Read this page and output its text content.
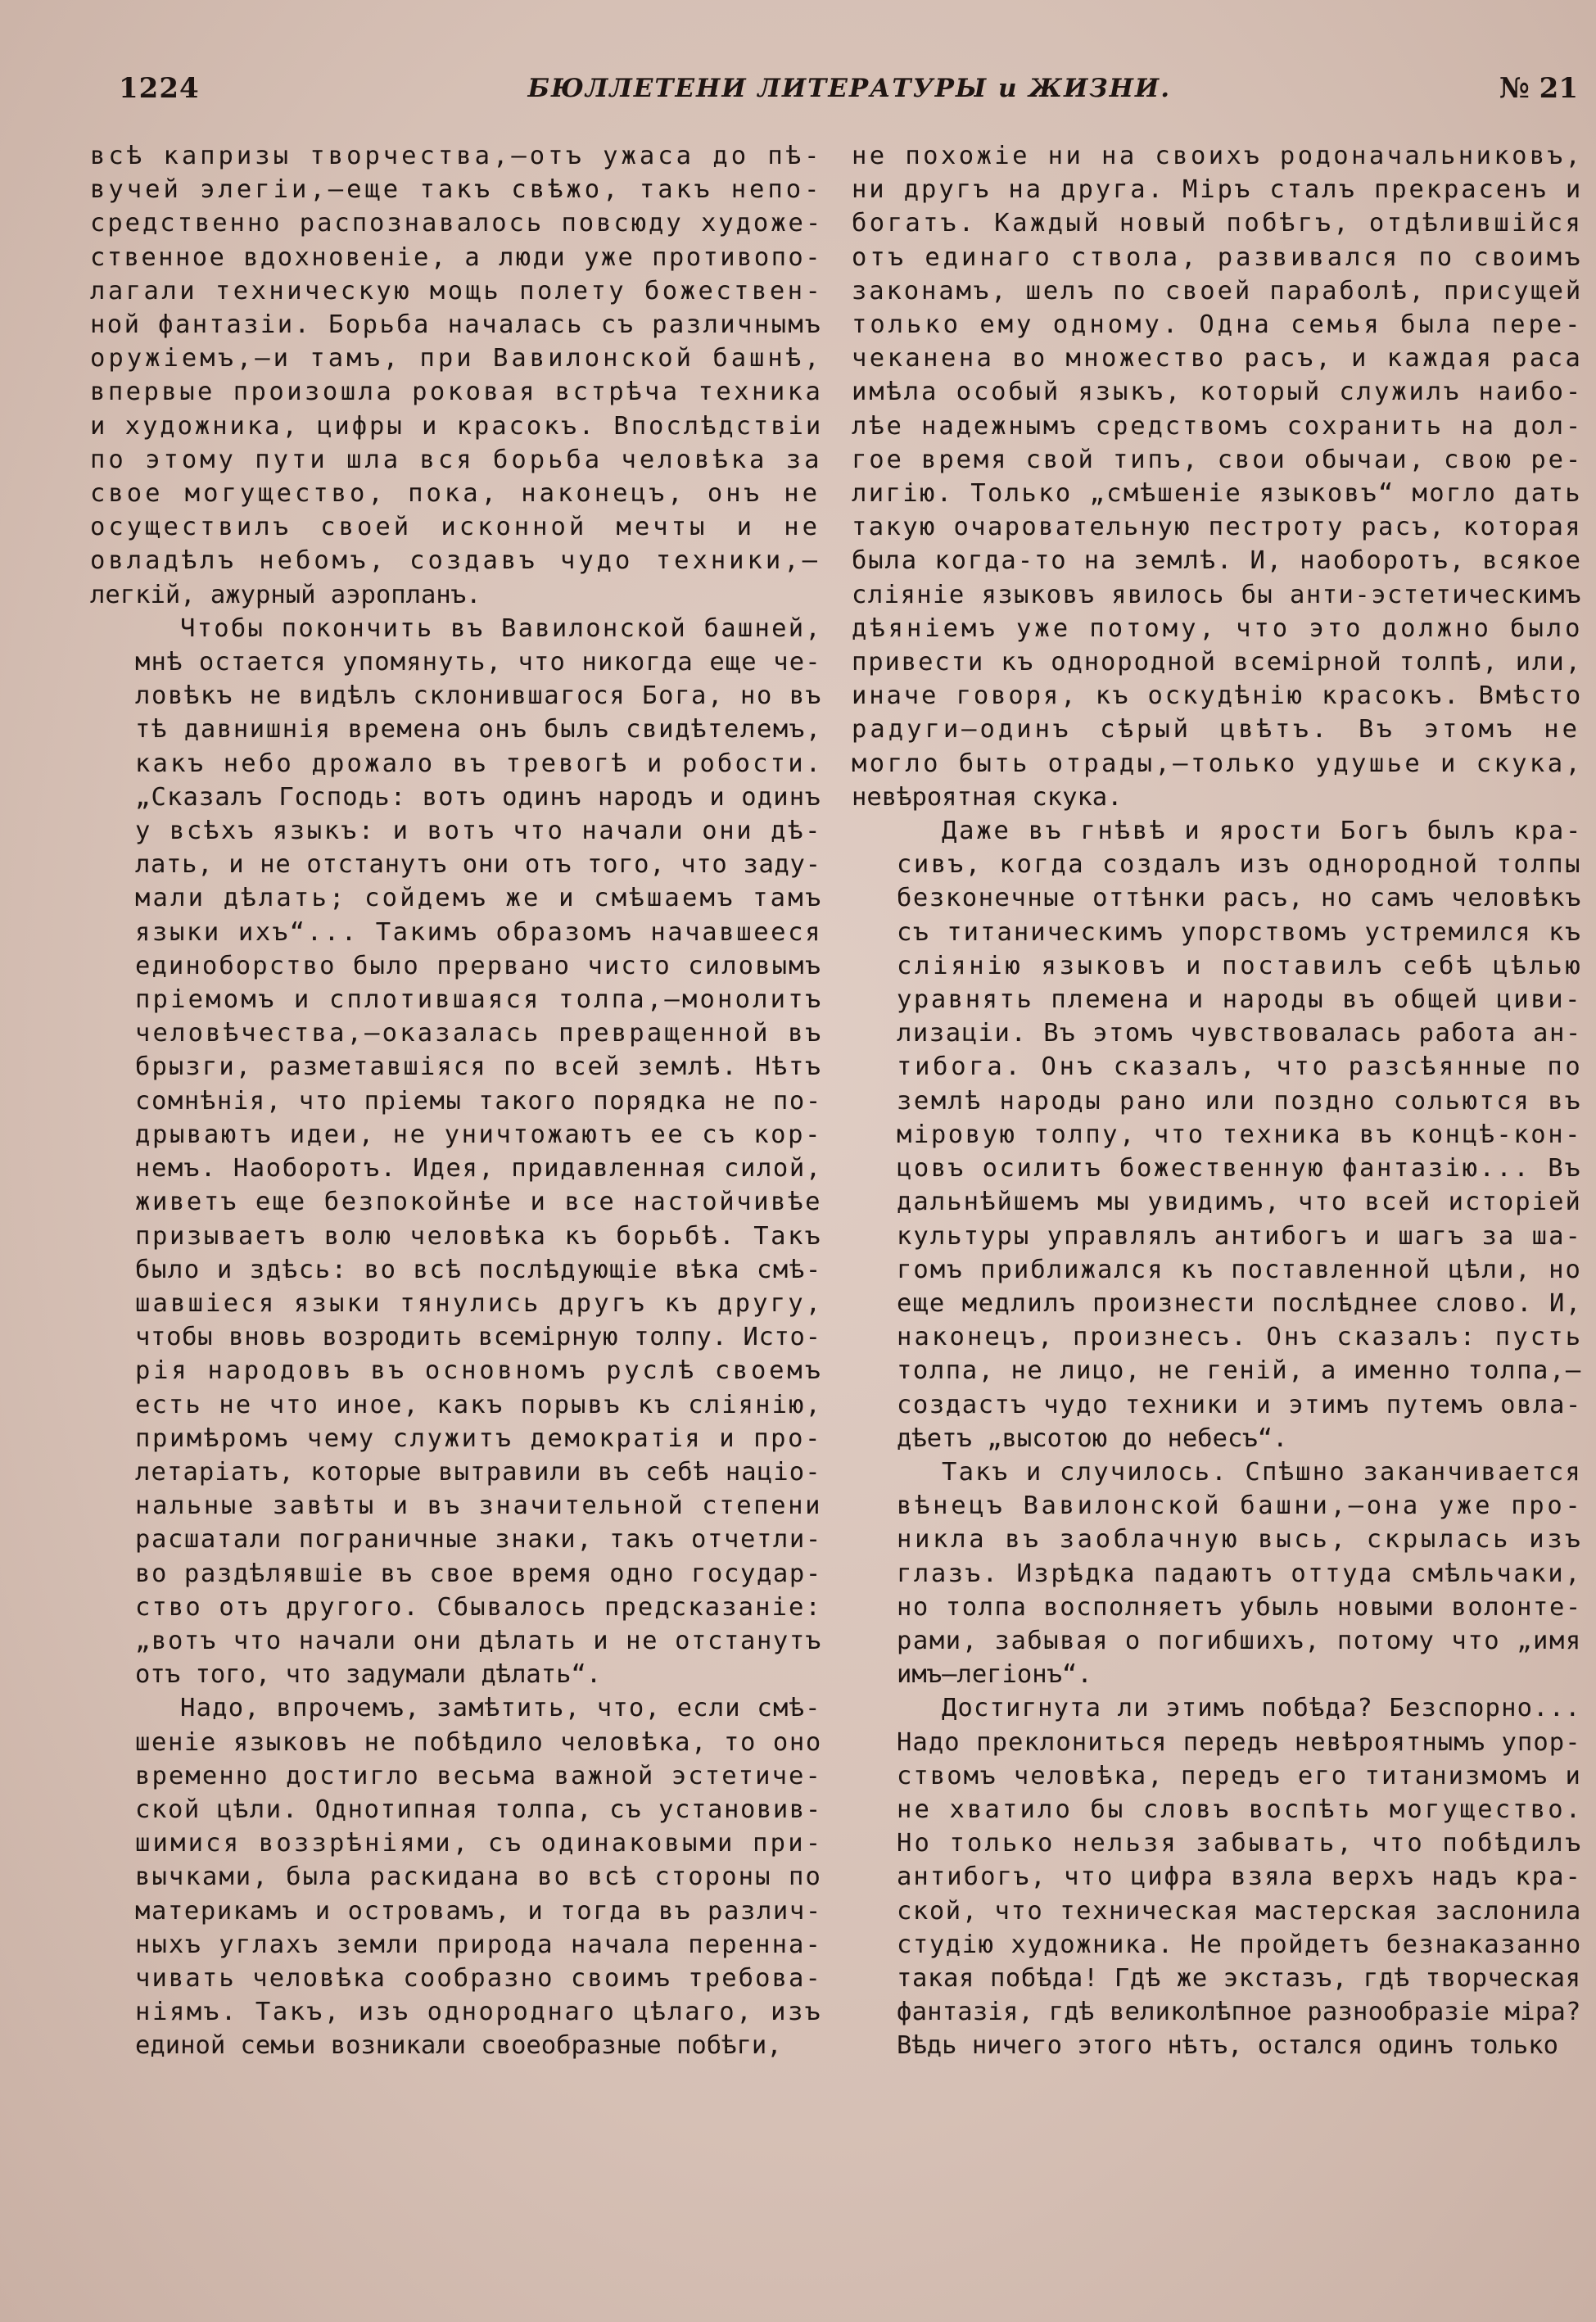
1224	БЮЛЛЕТЕНИ ЛИТЕРАТУРЫ и ЖИЗНИ.	№ 21

всѣ капризы творчества,—отъ ужаса до пѣ-
вучей элегіи,—еще такъ свѣжо, такъ непо-
средственно распознавалось повсюду художе-
ственное вдохновеніе, а люди уже противопо-
лагали техническую мощь полету божествен-
ной фантазіи. Борьба началась съ различнымъ
оружіемъ,—и тамъ, при Вавилонской башнѣ,
впервые произошла роковая встрѣча техника
и художника, цифры и красокъ. Впослѣдствіи
по этому пути шла вся борьба человѣка за
свое могущество, пока, наконецъ, онъ не
осуществилъ своей исконной мечты и не
овладѣлъ небомъ, создавъ чудо техники,—
легкій, ажурный аэропланъ.

Чтобы покончить въ Вавилонской башней,
мнѣ остается упомянуть, что никогда еще че-
ловѣкъ не видѣлъ склонившагося Бога, но въ
тѣ давнишнія времена онъ былъ свидѣтелемъ,
какъ небо дрожало въ тревогѣ и робости.
„Сказалъ Господь: вотъ одинъ народъ и одинъ
у всѣхъ языкъ: и вотъ что начали они дѣ-
лать, и не отстанутъ они отъ того, что заду-
мали дѣлать; сойдемъ же и смѣшаемъ тамъ
языки ихъ“... Такимъ образомъ начавшееся
единоборство было прервано чисто силовымъ
пріемомъ и сплотившаяся толпа,—монолитъ
человѣчества,—оказалась превращенной въ
брызги, разметавшіяся по всей землѣ. Нѣтъ
сомнѣнія, что пріемы такого порядка не по-
дрываютъ идеи, не уничтожаютъ ее съ кор-
немъ. Наоборотъ. Идея, придавленная силой,
живетъ еще безпокойнѣе и все настойчивѣе
призываетъ волю человѣка къ борьбѣ. Такъ
было и здѣсь: во всѣ послѣдующіе вѣка смѣ-
шавшіеся языки тянулись другъ къ другу,
чтобы вновь возродить всемірную толпу. Исто-
рія народовъ въ основномъ руслѣ своемъ
есть не что иное, какъ порывъ къ сліянію,
примѣромъ чему служитъ демократія и про-
летаріатъ, которые вытравили въ себѣ націо-
нальные завѣты и въ значительной степени
расшатали пограничные знаки, такъ отчетли-
во раздѣлявшіе въ свое время одно государ-
ство отъ другого. Сбывалось предсказаніе:
„вотъ что начали они дѣлать и не отстанутъ
отъ того, что задумали дѣлать“.

Надо, впрочемъ, замѣтить, что, если смѣ-
шеніе языковъ не побѣдило человѣка, то оно
временно достигло весьма важной эстетиче-
ской цѣли. Однотипная толпа, съ установив-
шимися воззрѣніями, съ одинаковыми при-
вычками, была раскидана во всѣ стороны по
материкамъ и островамъ, и тогда въ различ-
ныхъ углахъ земли природа начала перенна-
чивать человѣка сообразно своимъ требова-
ніямъ. Такъ, изъ однороднаго цѣлаго, изъ
единой семьи возникали своеобразные побѣги,

не похожіе ни на своихъ родоначальниковъ,
ни другъ на друга. Міръ сталъ прекрасенъ и
богатъ. Каждый новый побѣгъ, отдѣлившійся
отъ единаго ствола, развивался по своимъ
законамъ, шелъ по своей параболѣ, присущей
только ему одному. Одна семья была пере-
чеканена во множество расъ, и каждая раса
имѣла особый языкъ, который служилъ наибо-
лѣе надежнымъ средствомъ сохранить на дол-
гое время свой типъ, свои обычаи, свою ре-
лигію. Только „смѣшеніе языковъ“ могло дать
такую очаровательную пестроту расъ, которая
была когда-то на землѣ. И, наоборотъ, всякое
сліяніе языковъ явилось бы анти-эстетическимъ
дѣяніемъ уже потому, что это должно было
привести къ однородной всемірной толпѣ, или,
иначе говоря, къ оскудѣнію красокъ. Вмѣсто
радуги—одинъ сѣрый цвѣтъ. Въ этомъ не
могло быть отрады,—только удушье и скука,
невѣроятная скука.

Даже въ гнѣвѣ и ярости Богъ былъ кра-
сивъ, когда создалъ изъ однородной толпы
безконечные оттѣнки расъ, но самъ человѣкъ
съ титаническимъ упорствомъ устремился къ
сліянію языковъ и поставилъ себѣ цѣлью
уравнять племена и народы въ общей циви-
лизаціи. Въ этомъ чувствовалась работа ан-
тибога. Онъ сказалъ, что разсѣянные по
землѣ народы рано или поздно сольются въ
міровую толпу, что техника въ концѣ-кон-
цовъ осилитъ божественную фантазію... Въ
дальнѣйшемъ мы увидимъ, что всей исторіей
культуры управлялъ антибогъ и шагъ за ша-
гомъ приближался къ поставленной цѣли, но
еще медлилъ произнести послѣднее слово. И,
наконецъ, произнесъ. Онъ сказалъ: пусть
толпа, не лицо, не геній, а именно толпа,—
создастъ чудо техники и этимъ путемъ овла-
дѣетъ „высотою до небесъ“.

Такъ и случилось. Спѣшно заканчивается
вѣнецъ Вавилонской башни,—она уже про-
никла въ заоблачную высь, скрылась изъ
глазъ. Изрѣдка падаютъ оттуда смѣльчаки,
но толпа восполняетъ убыль новыми волонте-
рами, забывая о погибшихъ, потому что „имя
имъ—легіонъ“.

Достигнута ли этимъ побѣда? Безспорно...
Надо преклониться передъ невѣроятнымъ упор-
ствомъ человѣка, передъ его титанизмомъ и
не хватило бы словъ воспѣть могущество.
Но только нельзя забывать, что побѣдилъ
антибогъ, что цифра взяла верхъ надъ кра-
ской, что техническая мастерская заслонила
студію художника. Не пройдетъ безнаказанно
такая побѣда! Гдѣ же экстазъ, гдѣ творческая
фантазія, гдѣ великолѣпное разнообразіе міра?
Вѣдь ничего этого нѣтъ, остался одинъ только
